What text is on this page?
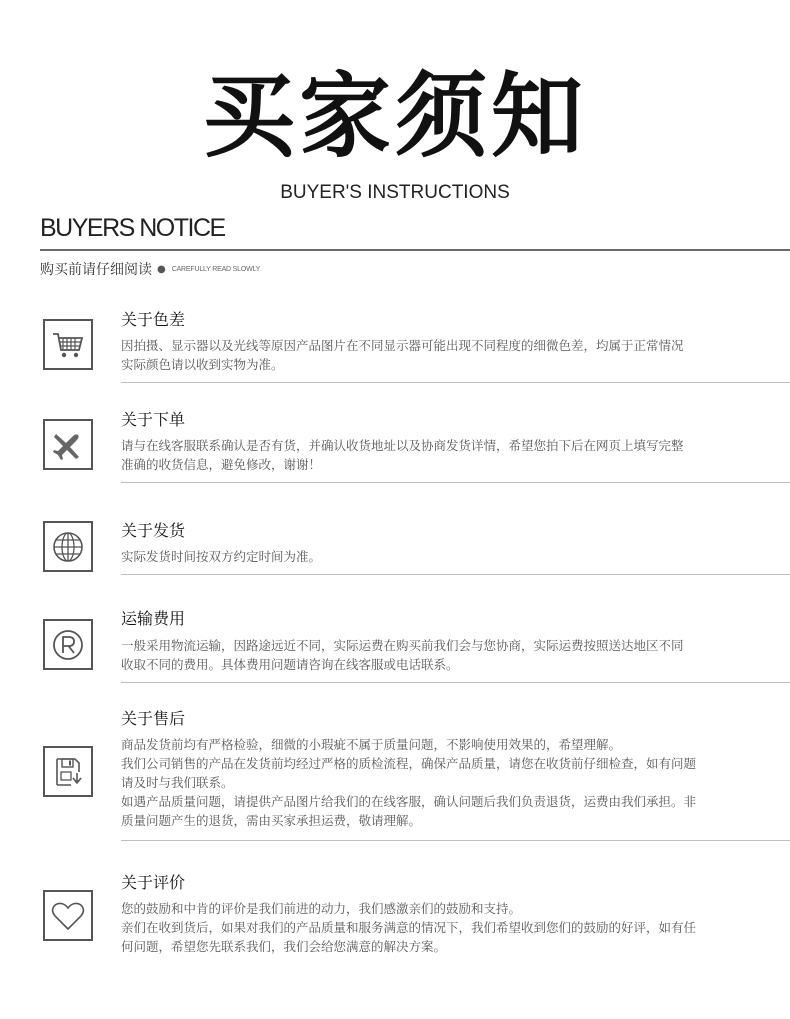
买家须知
BUYER'S INSTRUCTIONS
BUYERS NOTICE
购买前请仔细阅读 ● CAREFULLY READ SLOWLY
关于色差
因拍摄、显示器以及光线等原因产品图片在不同显示器可能出现不同程度的细微色差，均属于正常情况
实际颜色请以收到实物为准。
关于下单
请与在线客服联系确认是否有货，并确认收货地址以及协商发货详情，希望您拍下后在网页上填写完整
准确的收货信息，避免修改，谢谢！
关于发货
实际发货时间按双方约定时间为准。
运输费用
一般采用物流运输，因路途远近不同，实际运费在购买前我们会与您协商，实际运费按照送达地区不同
收取不同的费用。具体费用问题请咨询在线客服或电话联系。
关于售后
商品发货前均有严格检验，细微的小瑕疵不属于质量问题，不影响使用效果的，希望理解。
我们公司销售的产品在发货前均经过严格的质检流程，确保产品质量，请您在收货前仔细检查，如有问题
请及时与我们联系。
如遇产品质量问题，请提供产品图片给我们的在线客服，确认问题后我们负责退货，运费由我们承担。非
质量问题产生的退货，需由买家承担运费，敬请理解。
关于评价
您的鼓励和中肯的评价是我们前进的动力，我们感激亲们的鼓励和支持。
亲们在收到货后，如果对我们的产品质量和服务满意的情况下，我们希望收到您们的鼓励的好评，如有任
何问题，希望您先联系我们，我们会给您满意的解决方案。
